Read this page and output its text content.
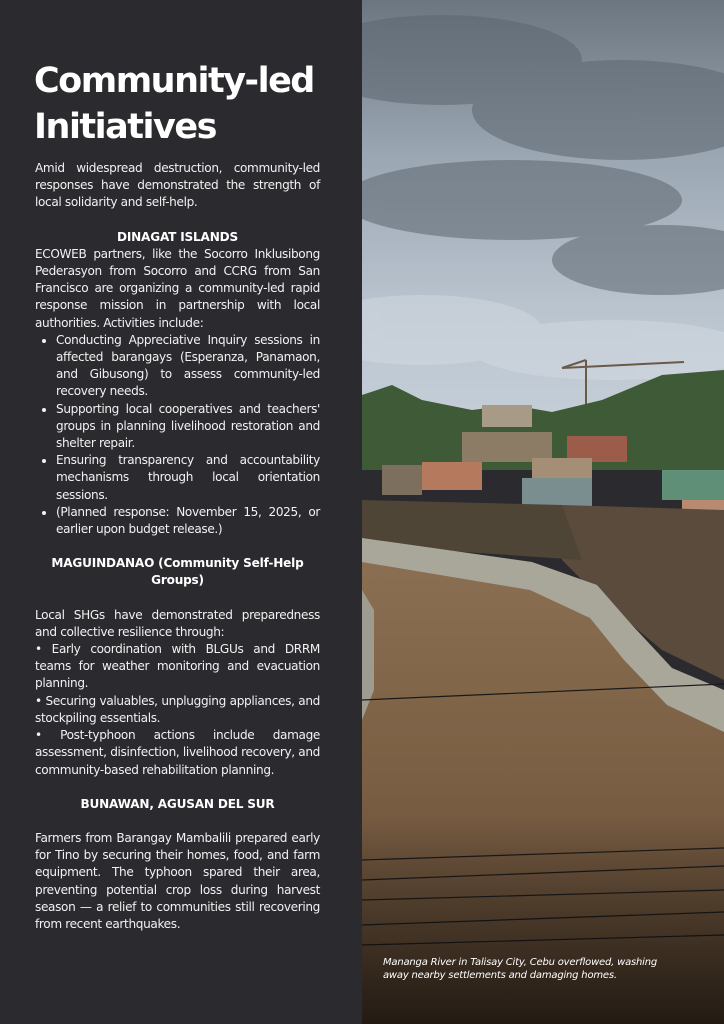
Community-led Initiatives

Amid widespread destruction, community-led responses have demonstrated the strength of local solidarity and self-help.

DINAGAT ISLANDS

ECOWEB partners, like the Socorro Inklusibong Pederasyon from Socorro and CCRG from San Francisco are organizing a community-led rapid response mission in partnership with local authorities. Activities include:

• Conducting Appreciative Inquiry sessions in affected barangays (Esperanza, Panamaon, and Gibusong) to assess community-led recovery needs.
• Supporting local cooperatives and teachers' groups in planning livelihood restoration and shelter repair.
• Ensuring transparency and accountability mechanisms through local orientation sessions.
• (Planned response: November 15, 2025, or earlier upon budget release.)
MAGUINDANAO (Community Self-Help Groups)

Local SHGs have demonstrated preparedness and collective resilience through:

• Early coordination with BLGUs and DRRM teams for weather monitoring and evacuation planning.

• Securing valuables, unplugging appliances, and stockpiling essentials.

• Post-typhoon actions include damage assessment, disinfection, livelihood recovery, and community-based rehabilitation planning.

BUNAWAN, AGUSAN DEL SUR

Farmers from Barangay Mambalili prepared early for Tino by securing their homes, food, and farm equipment. The typhoon spared their area, preventing potential crop loss during harvest season — a relief to communities still recovering from recent earthquakes.

Mananga River in Talisay City, Cebu overflowed, washing away nearby settlements and damaging homes.
